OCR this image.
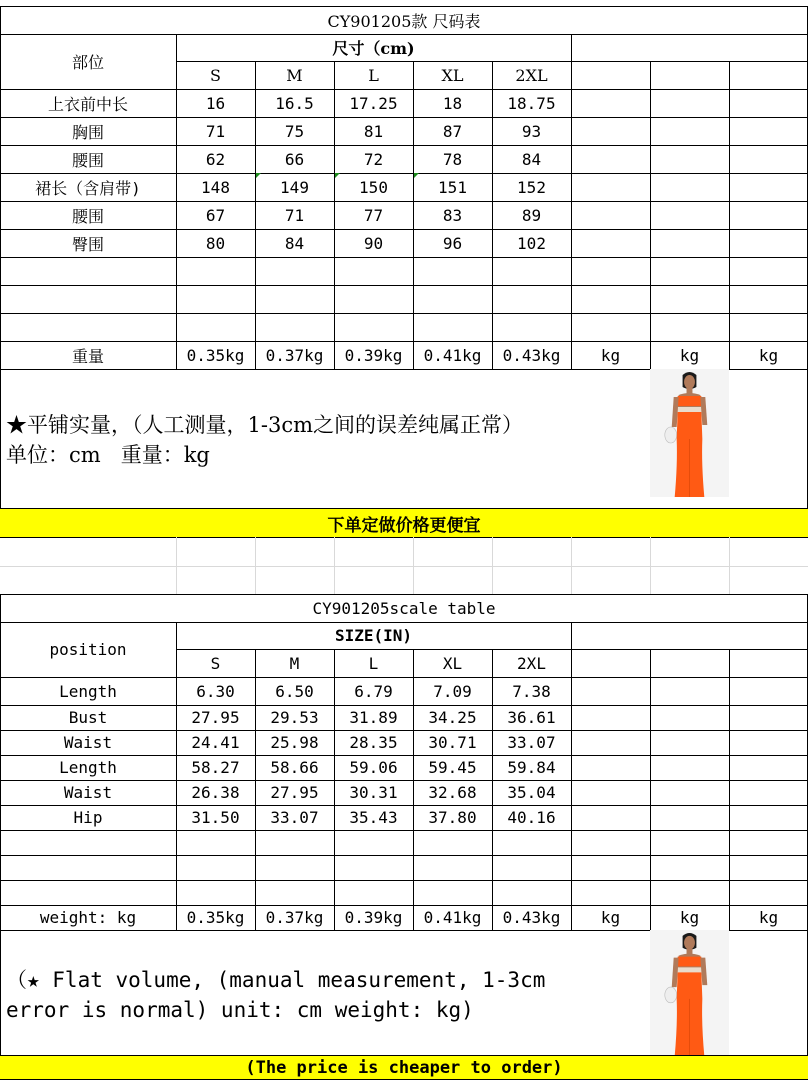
CY901205款 尺码表
部位
尺寸（cm)
S	M	L	XL	2XL
上衣前中长	16	16.5	17.25	18	18.75
胸围	71	75	81	87	93
腰围	62	66	72	78	84
裙长（含肩带)	148	149	150	151	152
腰围	67	71	77	83	89
臀围	80	84	90	96	102
重量	0.35kg	0.37kg	0.39kg	0.41kg	0.43kg	kg	kg	kg
★平铺实量，（人工测量，1-3cm之间的误差纯属正常）
单位：cm   重量：kg
下单定做价格更便宜
CY901205scale table
position
SIZE(IN)
S	M	L	XL	2XL
Length	6.30	6.50	6.79	7.09	7.38
Bust	27.95	29.53	31.89	34.25	36.61
Waist	24.41	25.98	28.35	30.71	33.07
Length	58.27	58.66	59.06	59.45	59.84
Waist	26.38	27.95	30.31	32.68	35.04
Hip	31.50	33.07	35.43	37.80	40.16
weight: kg	0.35kg	0.37kg	0.39kg	0.41kg	0.43kg	kg	kg	kg
（★ Flat volume, (manual measurement, 1-3cm
error is normal) unit: cm weight: kg)
(The price is cheaper to order)
